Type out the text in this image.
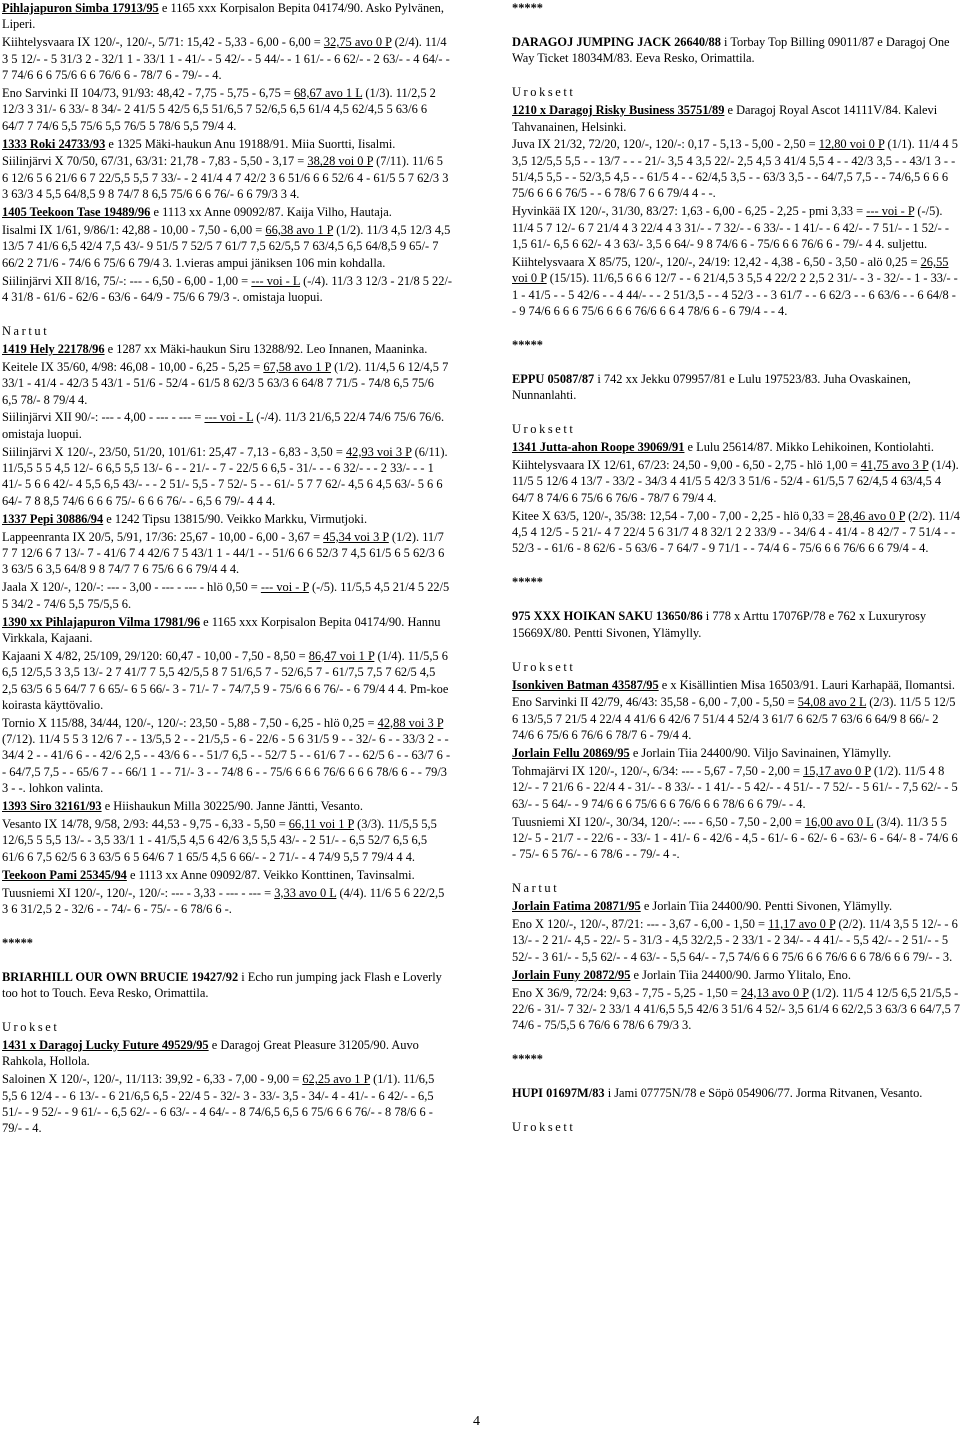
Pihlajapuron Simba 17913/95 e 1165 xxx Korpisalon Bepita 04174/90. Asko Pylvänen, Liperi.

Kiihtelysvaara IX 120/-, 120/-, 5/71: 15,42 - 5,33 - 6,00 - 6,00 = 32,75 avo 0 P (2/4). 11/4 3 5 12/- - 5 31/3 2 - 32/1 1 - 33/1 1 - 41/- - 5 42/- - 5 44/- - 1 61/- - 6 62/- - 2 63/- - 4 64/- - 7 74/6 6 6 75/6 6 6 76/6 6 - 78/7 6 - 79/- - 4.

Eno Sarvinki II 104/73, 91/93: 48,42 - 7,75 - 5,75 - 6,75 = 68,67 avo 1 L (1/3). 11/2,5 2 12/3 3 31/- 6 33/- 8 34/- 2 41/5 5 42/5 6,5 51/6,5 7 52/6,5 6,5 61/4 4,5 62/4,5 5 63/6 6 64/7 7 74/6 5,5 75/6 5,5 76/5 5 78/6 5,5 79/4 4.

1333 Roki 24733/93 e 1325 Mäki-haukun Anu 19188/91. Miia Suortti, Iisalmi.

Siilinjärvi X 70/50, 67/31, 63/31: 21,78 - 7,83 - 5,50 - 3,17 = 38,28 voi 0 P (7/11). 11/6 5 6 12/6 5 6 21/6 6 7 22/5,5 5,5 7 33/- - 2 41/4 4 7 42/2 3 6 51/6 6 6 52/6 4 - 61/5 5 7 62/3 3 3 63/3 4 5,5 64/8,5 9 8 74/7 8 6,5 75/6 6 6 76/- 6 6 79/3 3 4.

1405 Teekoon Tase 19489/96 e 1113 xx Anne 09092/87. Kaija Vilho, Hautaja.

Iisalmi IX 1/61, 9/86/1: 42,88 - 10,00 - 7,50 - 6,00 = 66,38 avo 1 P (1/2). 11/3 4,5 12/3 4,5 13/5 7 41/6 6,5 42/4 7,5 43/- 9 51/5 7 52/5 7 61/7 7,5 62/5,5 7 63/4,5 6,5 64/8,5 9 65/- 7 66/2 2 71/6 - 74/6 6 75/6 6 79/4 3. 1.vieras ampui jäniksen 106 min kohdalla.

Siilinjärvi XII 8/16, 75/-: --- - 6,50 - 6,00 - 1,00 = --- voi - L (-/4). 11/3 3 12/3 - 21/8 5 22/- 4 31/8 - 61/6 - 62/6 - 63/6 - 64/9 - 75/6 6 79/3 -. omistaja luopui.

Nartut

1419 Hely 22178/96 e 1287 xx Mäki-haukun Siru 13288/92. Leo Innanen, Maaninka.

Keitele IX 35/60, 4/98: 46,08 - 10,00 - 6,25 - 5,25 = 67,58 avo 1 P (1/2). 11/4,5 6 12/4,5 7 33/1 - 41/4 - 42/3 5 43/1 - 51/6 - 52/4 - 61/5 8 62/3 5 63/3 6 64/8 7 71/5 - 74/8 6,5 75/6 6,5 78/- 8 79/4 4.

Siilinjärvi XII 90/-: --- - 4,00 - --- - --- = --- voi - L (-/4). 11/3 21/6,5 22/4 74/6 75/6 76/6. omistaja luopui.

Siilinjärvi X 120/-, 23/50, 51/20, 101/61: 25,47 - 7,13 - 6,83 - 3,50 = 42,93 voi 3 P (6/11). 11/5,5 5 5 4,5 12/- 6 6,5 5,5 13/- 6 - - 21/- - 7 - 22/5 6 6,5 - 31/- - - 6 32/- - - 2 33/- - - 1 41/- 5 6 6 42/- 4 5,5 6,5 43/- - - 2 51/- 5,5 - 7 52/- 5 - - 61/- 5 7 7 62/- 4,5 6 4,5 63/- 5 6 6 64/- 7 8 8,5 74/6 6 6 6 75/- 6 6 6 76/- - 6,5 6 79/- 4 4 4.

1337 Pepi 30886/94 e 1242 Tipsu 13815/90. Veikko Markku, Virmutjoki.

Lappeenranta IX 20/5, 5/91, 17/36: 25,67 - 10,00 - 6,00 - 3,67 = 45,34 voi 3 P (1/2). 11/7 7 7 12/6 6 7 13/- 7 - 41/6 7 4 42/6 7 5 43/1 1 - 44/1 - - 51/6 6 6 52/3 7 4,5 61/5 6 5 62/3 6 3 63/5 6 3,5 64/8 9 8 74/7 7 6 75/6 6 6 79/4 4 4.

Jaala X 120/-, 120/-: --- - 3,00 - --- - --- - hlö 0,50 = --- voi - P (-/5). 11/5,5 4,5 21/4 5 22/5 5 34/2 - 74/6 5,5 75/5,5 6.

1390 xx Pihlajapuron Vilma 17981/96 e 1165 xxx Korpisalon Bepita 04174/90. Hannu Virkkala, Kajaani.

Kajaani X 4/82, 25/109, 29/120: 60,47 - 10,00 - 7,50 - 8,50 = 86,47 voi 1 P (1/4). 11/5,5 6 6,5 12/5,5 3 3,5 13/- 2 7 41/7 7 5,5 42/5,5 8 7 51/6,5 7 - 52/6,5 7 - 61/7,5 7,5 7 62/5 4,5 2,5 63/5 6 5 64/7 7 6 65/- 6 5 66/- 3 - 71/- 7 - 74/7,5 9 - 75/6 6 6 76/- - 6 79/4 4 4. Pm-koe koirasta käyttövalio.

Tornio X 115/88, 34/44, 120/-, 120/-: 23,50 - 5,88 - 7,50 - 6,25 - hlö 0,25 = 42,88 voi 3 P (7/12). 11/4 5 5 3 12/6 7 - - 13/5,5 2 - - 21/5,5 - 6 - 22/6 - 5 6 31/5 9 - - 32/- 6 - - 33/3 2 - - 34/4 2 - - 41/6 6 - - 42/6 2,5 - - 43/6 6 - - 51/7 6,5 - - 52/7 5 - - 61/6 7 - - 62/5 6 - - 63/7 6 - - 64/7,5 7,5 - - 65/6 7 - - 66/1 1 - - 71/- 3 - - 74/8 6 - - 75/6 6 6 6 76/6 6 6 6 78/6 6 - - 79/3 3 - -. lohkon valinta.

1393 Siro 32161/93 e Hiishaukun Milla 30225/90. Janne Jäntti, Vesanto.

Vesanto IX 14/78, 9/58, 2/93: 44,53 - 9,75 - 6,33 - 5,50 = 66,11 voi 1 P (3/3). 11/5,5 5,5 12/6,5 5 5,5 13/- - 3,5 33/1 1 - 41/5,5 4,5 6 42/6 3,5 5,5 43/- - 2 51/- - 6,5 52/7 6,5 6,5 61/6 6 7,5 62/5 6 3 63/5 6 5 64/6 7 1 65/5 4,5 6 66/- - 2 71/- - 4 74/9 5,5 7 79/4 4 4.

Teekoon Pami 25345/94 e 1113 xx Anne 09092/87. Veikko Konttinen, Tavinsalmi.

Tuusniemi XI 120/-, 120/-, 120/-: --- - 3,33 - --- - --- = 3,33 avo 0 L (4/4). 11/6 5 6 22/2,5 3 6 31/2,5 2 - 32/6 - - 74/- 6 - 75/- - 6 78/6 6 -.

*****

BRIARHILL OUR OWN BRUCIE 19427/92 i Echo run jumping jack Flash e Loverly too hot to Touch. Eeva Resko, Orimattila.

Urokset

1431 x Daragoj Lucky Future 49529/95 e Daragoj Great Pleasure 31205/90. Auvo Rahkola, Hollola.

Saloinen X 120/-, 120/-, 11/113: 39,92 - 6,33 - 7,00 - 9,00 = 62,25 avo 1 P (1/1). 11/6,5 5,5 6 12/4 - - 6 13/- - 6 21/6,5 6,5 - 22/4 5 - 32/- 3 - 33/- 3,5 - 34/- 4 - 41/- - 6 42/- - 6,5 51/- - 9 52/- - 9 61/- - 6,5 62/- - 6 63/- - 4 64/- - 8 74/6,5 6,5 6 75/6 6 6 76/- - 8 78/6 6 - 79/- - 4.

*****

DARAGOJ JUMPING JACK 26640/88 i Torbay Top Billing 09011/87 e Daragoj One Way Ticket 18034M/83. Eeva Resko, Orimattila.

Uroksett

1210 x Daragoj Risky Business 35751/89 e Daragoj Royal Ascot 14111V/84. Kalevi Tahvanainen, Helsinki.

Juva IX 21/32, 72/20, 120/-, 120/-: 0,17 - 5,13 - 5,00 - 2,50 = 12,80 voi 0 P (1/1). 11/4 4 5 3,5 12/5,5 5,5 - - 13/7 - - - 21/- 3,5 4 3,5 22/- 2,5 4,5 3 41/4 5,5 4 - - 42/3 3,5 - - 43/1 3 - - 51/4,5 5,5 - - 52/3,5 4,5 - - 61/5 4 - - 62/4,5 3,5 - - 63/3 3,5 - - 64/7,5 7,5 - - 74/6,5 6 6 6 75/6 6 6 6 76/5 - - 6 78/6 7 6 6 79/4 4 - -.

Hyvinkää IX 120/-, 31/30, 83/27: 1,63 - 6,00 - 6,25 - 2,25 - pmi 3,33 = --- voi - P (-/5). 11/4 5 7 12/- 6 7 21/4 4 3 22/4 4 3 31/- - 7 32/- - 6 33/- - 1 41/- - 6 42/- - 7 51/- - 1 52/- - 1,5 61/- 6,5 6 62/- 4 3 63/- 3,5 6 64/- 9 8 74/6 6 - 75/6 6 6 76/6 6 - 79/- 4 4. suljettu.

Kiihtelysvaara X 85/75, 120/-, 120/-, 24/19: 12,42 - 4,38 - 6,50 - 3,50 - alö 0,25 = 26,55 voi 0 P (15/15). 11/6,5 6 6 6 12/7 - - 6 21/4,5 3 5,5 4 22/2 2 2,5 2 31/- - 3 - 32/- - 1 - 33/- - 1 - 41/5 - - 5 42/6 - - 4 44/- - - 2 51/3,5 - - 4 52/3 - - 3 61/7 - - 6 62/3 - - 6 63/6 - - 6 64/8 - - 9 74/6 6 6 6 75/6 6 6 6 76/6 6 6 4 78/6 6 - 6 79/4 - - 4.

*****

EPPU 05087/87 i 742 xx Jekku 079957/81 e Lulu 197523/83. Juha Ovaskainen, Nunnanlahti.

Uroksett

1341 Jutta-ahon Roope 39069/91 e Lulu 25614/87. Mikko Lehikoinen, Kontiolahti.

Kiihtelysvaara IX 12/61, 67/23: 24,50 - 9,00 - 6,50 - 2,75 - hlö 1,00 = 41,75 avo 3 P (1/4). 11/5 5 12/6 4 13/7 - 33/2 - 34/3 4 41/5 5 42/3 3 51/6 - 52/4 - 61/5,5 7 62/4,5 4 63/4,5 4 64/7 8 74/6 6 75/6 6 76/6 - 78/7 6 79/4 4.

Kitee X 63/5, 120/-, 35/38: 12,54 - 7,00 - 7,00 - 2,25 - hlö 0,33 = 28,46 avo 0 P (2/2). 11/4 4,5 4 12/5 - 5 21/- 4 7 22/4 5 6 31/7 4 8 32/1 2 2 33/9 - - 34/6 4 - 41/4 - 8 42/7 - 7 51/4 - - 52/3 - - 61/6 - 8 62/6 - 5 63/6 - 7 64/7 - 9 71/1 - - 74/4 6 - 75/6 6 6 76/6 6 6 79/4 - 4.

*****

975 XXX HOIKAN SAKU 13650/86 i 778 x Arttu 17076P/78 e 762 x Luxuryrosy 15669X/80. Pentti Sivonen, Ylämylly.

Uroksett

Isonkiven Batman 43587/95 e x Kisällintien Misa 16503/91. Lauri Karhapää, Ilomantsi.

Eno Sarvinki II 42/79, 46/43: 35,58 - 6,00 - 7,00 - 5,50 = 54,08 avo 2 L (2/3). 11/5 5 12/5 6 13/5,5 7 21/5 4 22/4 4 41/6 6 42/6 7 51/4 4 52/4 3 61/7 6 62/5 7 63/6 6 64/9 8 66/- 2 74/6 6 75/6 6 76/6 6 78/7 6 - 79/4 4.

Jorlain Fellu 20869/95 e Jorlain Tiia 24400/90. Viljo Savinainen, Ylämylly.

Tohmajärvi IX 120/-, 120/-, 6/34: --- - 5,67 - 7,50 - 2,00 = 15,17 avo 0 P (1/2). 11/5 4 8 12/- - 7 21/6 6 - 22/4 4 - 31/- - 8 33/- - 1 41/- - 5 42/- - 4 51/- - 7 52/- - 5 61/- - 7,5 62/- - 5 63/- - 5 64/- - 9 74/6 6 6 75/6 6 6 76/6 6 6 78/6 6 6 79/- - 4.

Tuusniemi XI 120/-, 30/34, 120/-: --- - 6,50 - 7,50 - 2,00 = 16,00 avo 0 L (3/4). 11/3 5 5 12/- 5 - 21/7 - - 22/6 - - 33/- 1 - 41/- 6 - 42/6 - 4,5 - 61/- 6 - 62/- 6 - 63/- 6 - 64/- 8 - 74/6 6 - 75/- 6 5 76/- - 6 78/6 - - 79/- 4 -.

Nartut

Jorlain Fatima 20871/95 e Jorlain Tiia 24400/90. Pentti Sivonen, Ylämylly.

Eno X 120/-, 120/-, 87/21: --- - 3,67 - 6,00 - 1,50 = 11,17 avo 0 P (2/2). 11/4 3,5 5 12/- - 6 13/- - 2 21/- 4,5 - 22/- 5 - 31/3 - 4,5 32/2,5 - 2 33/1 - 2 34/- - 4 41/- - 5,5 42/- - 2 51/- - 5 52/- - 3 61/- - 5,5 62/- - 4 63/- - 5,5 64/- - 7,5 74/6 6 6 75/6 6 6 76/6 6 6 78/6 6 6 79/- - 3.

Jorlain Funy 20872/95 e Jorlain Tiia 24400/90. Jarmo Ylitalo, Eno.

Eno X 36/9, 72/24: 9,63 - 7,75 - 5,25 - 1,50 = 24,13 avo 0 P (1/2). 11/5 4 12/5 6,5 21/5,5 - 22/6 - 31/- 7 32/- 2 33/1 4 41/6,5 5,5 42/6 3 51/6 4 52/- 3,5 61/4 6 62/2,5 3 63/3 6 64/7,5 7 74/6 - 75/5,5 6 76/6 6 78/6 6 79/3 3.

*****

HUPI 01697M/83 i Jami 07775N/78 e Söpö 054906/77. Jorma Ritvanen, Vesanto.

Uroksett

4
